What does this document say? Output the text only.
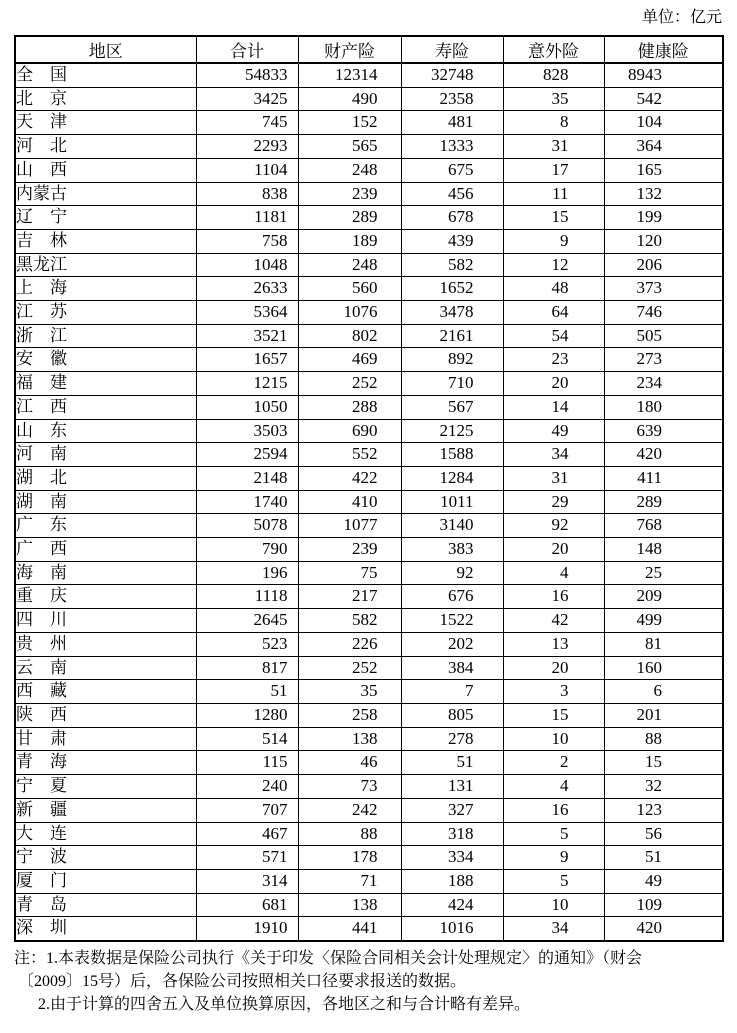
单位：亿元
地区	合计	财产险	寿险	意外险	健康险
全　国	54833	12314	32748	828	8943
北　京	3425	490	2358	35	542
天　津	745	152	481	8	104
河　北	2293	565	1333	31	364
山　西	1104	248	675	17	165
内蒙古	838	239	456	11	132
辽　宁	1181	289	678	15	199
吉　林	758	189	439	9	120
黑龙江	1048	248	582	12	206
上　海	2633	560	1652	48	373
江　苏	5364	1076	3478	64	746
浙　江	3521	802	2161	54	505
安　徽	1657	469	892	23	273
福　建	1215	252	710	20	234
江　西	1050	288	567	14	180
山　东	3503	690	2125	49	639
河　南	2594	552	1588	34	420
湖　北	2148	422	1284	31	411
湖　南	1740	410	1011	29	289
广　东	5078	1077	3140	92	768
广　西	790	239	383	20	148
海　南	196	75	92	4	25
重　庆	1118	217	676	16	209
四　川	2645	582	1522	42	499
贵　州	523	226	202	13	81
云　南	817	252	384	20	160
西　藏	51	35	7	3	6
陕　西	1280	258	805	15	201
甘　肃	514	138	278	10	88
青　海	115	46	51	2	15
宁　夏	240	73	131	4	32
新　疆	707	242	327	16	123
大　连	467	88	318	5	56
宁　波	571	178	334	9	51
厦　门	314	71	188	5	49
青　岛	681	138	424	10	109
深　圳	1910	441	1016	34	420
注：1.本表数据是保险公司执行《关于印发〈保险合同相关会计处理规定〉的通知》（财会
〔2009〕15号）后，各保险公司按照相关口径要求报送的数据。
2.由于计算的四舍五入及单位换算原因，各地区之和与合计略有差异。
